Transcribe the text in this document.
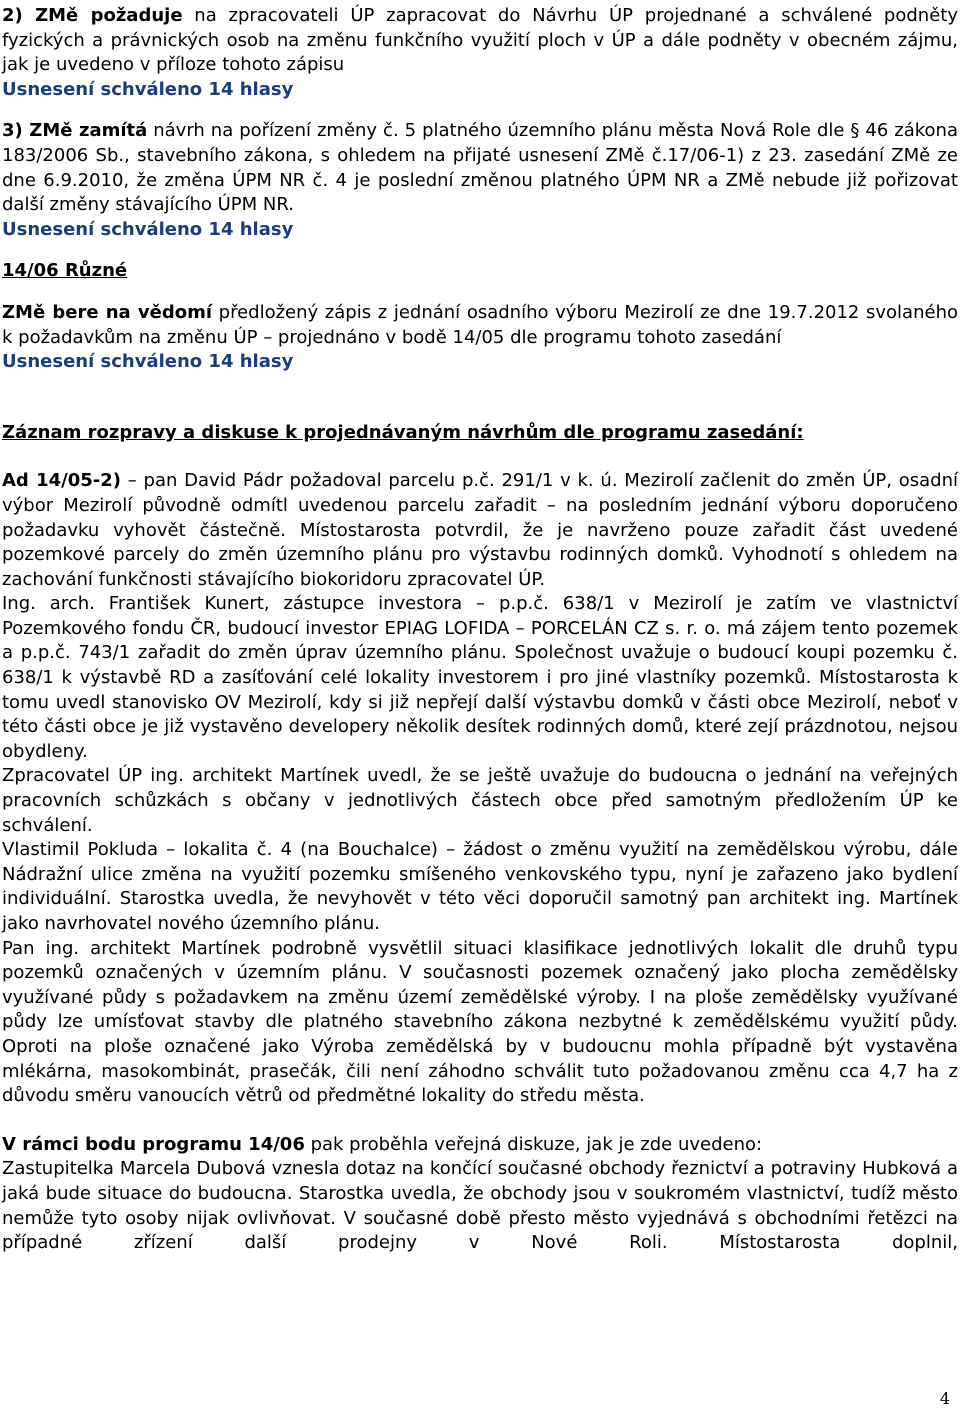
2) ZMě požaduje na zpracovateli ÚP zapracovat do Návrhu ÚP projednané a schválené podněty fyzických a právnických osob na změnu funkčního využití ploch v ÚP a dále podněty v obecném zájmu, jak je uvedeno v příloze tohoto zápisu

Usnesení schváleno 14 hlasy

3) ZMě zamítá návrh na pořízení změny č. 5 platného územního plánu města Nová Role dle § 46 zákona 183/2006 Sb., stavebního zákona, s ohledem na přijaté usnesení ZMě č.17/06-1) z 23. zasedání ZMě ze dne 6.9.2010, že změna ÚPM NR č. 4 je poslední změnou platného ÚPM NR a ZMě nebude již pořizovat další změny stávajícího ÚPM NR.

Usnesení schváleno 14 hlasy

14/06 Různé

ZMě bere na vědomí předložený zápis z jednání osadního výboru Mezirolí ze dne 19.7.2012 svolaného k požadavkům na změnu ÚP – projednáno v bodě 14/05 dle programu tohoto zasedání

Usnesení schváleno 14 hlasy

Záznam rozpravy a diskuse k projednávaným návrhům dle programu zasedání:

Ad 14/05-2) – pan David Pádr požadoval parcelu p.č. 291/1 v k. ú. Mezirolí začlenit do změn ÚP, osadní výbor Mezirolí původně odmítl uvedenou parcelu zařadit – na posledním jednání výboru doporučeno požadavku vyhovět částečně. Místostarosta potvrdil, že je navrženo pouze zařadit část uvedené pozemkové parcely do změn územního plánu pro výstavbu rodinných domků. Vyhodnotí s ohledem na zachování funkčnosti stávajícího biokoridoru zpracovatel ÚP.

Ing. arch. František Kunert, zástupce investora – p.p.č. 638/1 v Mezirolí je zatím ve vlastnictví Pozemkového fondu ČR, budoucí investor EPIAG LOFIDA – PORCELÁN CZ s. r. o. má zájem tento pozemek a p.p.č. 743/1 zařadit do změn úprav územního plánu. Společnost uvažuje o budoucí koupi pozemku č. 638/1 k výstavbě RD a zasíťování celé lokality investorem i pro jiné vlastníky pozemků. Místostarosta k tomu uvedl stanovisko OV Mezirolí, kdy si již nepřejí další výstavbu domků v části obce Mezirolí, neboť v této části obce je již vystavěno developery několik desítek rodinných domů, které zejí prázdnotou, nejsou obydleny.

Zpracovatel ÚP ing. architekt Martínek uvedl, že se ještě uvažuje do budoucna o jednání na veřejných pracovních schůzkách s občany v jednotlivých částech obce před samotným předložením ÚP ke schválení.

Vlastimil Pokluda – lokalita č. 4 (na Bouchalce) – žádost o změnu využití na zemědělskou výrobu, dále Nádražní ulice změna na využití pozemku smíšeného venkovského typu, nyní je zařazeno jako bydlení individuální. Starostka uvedla, že nevyhovět v této věci doporučil samotný pan architekt ing. Martínek jako navrhovatel nového územního plánu.

Pan ing. architekt Martínek podrobně vysvětlil situaci klasifikace jednotlivých lokalit dle druhů typu pozemků označených v územním plánu. V současnosti pozemek označený jako plocha zemědělsky využívané půdy s požadavkem na změnu území zemědělské výroby. I na ploše zemědělsky využívané půdy lze umísťovat stavby dle platného stavebního zákona nezbytné k zemědělskému využití půdy. Oproti na ploše označené jako Výroba zemědělská by v budoucnu mohla případně být vystavěna mlékárna, masokombinát, prasečák, čili není záhodno schválit tuto požadovanou změnu cca 4,7 ha z důvodu směru vanoucích větrů od předmětné lokality do středu města.

V rámci bodu programu 14/06 pak proběhla veřejná diskuze, jak je zde uvedeno:

Zastupitelka Marcela Dubová vznesla dotaz na končící současné obchody řeznictví a potraviny Hubková a jaká bude situace do budoucna. Starostka uvedla, že obchody jsou v soukromém vlastnictví, tudíž město nemůže tyto osoby nijak ovlivňovat. V současné době přesto město vyjednává s obchodními řetězci na případné zřízení další prodejny v Nové Roli. Místostarosta doplnil,

4
